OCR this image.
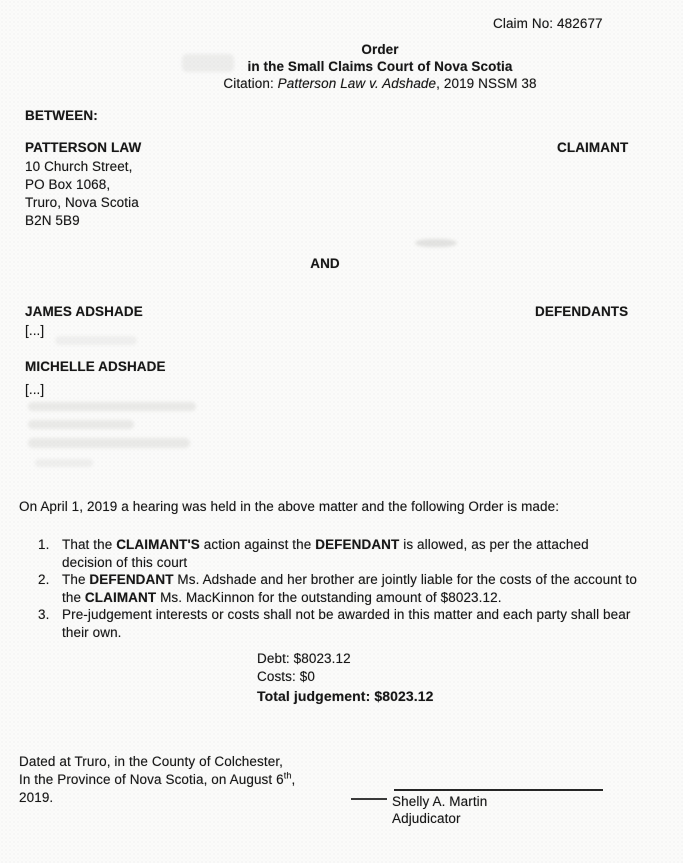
Claim No: 482677
Order
in the Small Claims Court of Nova Scotia
Citation: Patterson Law v. Adshade, 2019 NSSM 38
BETWEEN:
PATTERSON LAW
10 Church Street,
PO Box 1068,
Truro, Nova Scotia
B2N 5B9
CLAIMANT
AND
JAMES ADSHADE
[...]
DEFENDANTS
MICHELLE ADSHADE
[...]
On April 1, 2019 a hearing was held in the above matter and the following Order is made:
1. That the CLAIMANT'S action against the DEFENDANT is allowed, as per the attached decision of this court
2. The DEFENDANT Ms. Adshade and her brother are jointly liable for the costs of the account to the CLAIMANT Ms. MacKinnon for the outstanding amount of $8023.12.
3. Pre-judgement interests or costs shall not be awarded in this matter and each party shall bear their own.
Debt: $8023.12
Costs: $0
Total judgement: $8023.12
Dated at Truro, in the County of Colchester,
In the Province of Nova Scotia, on August 6th,
2019.	Shelly A. Martin
Adjudicator
